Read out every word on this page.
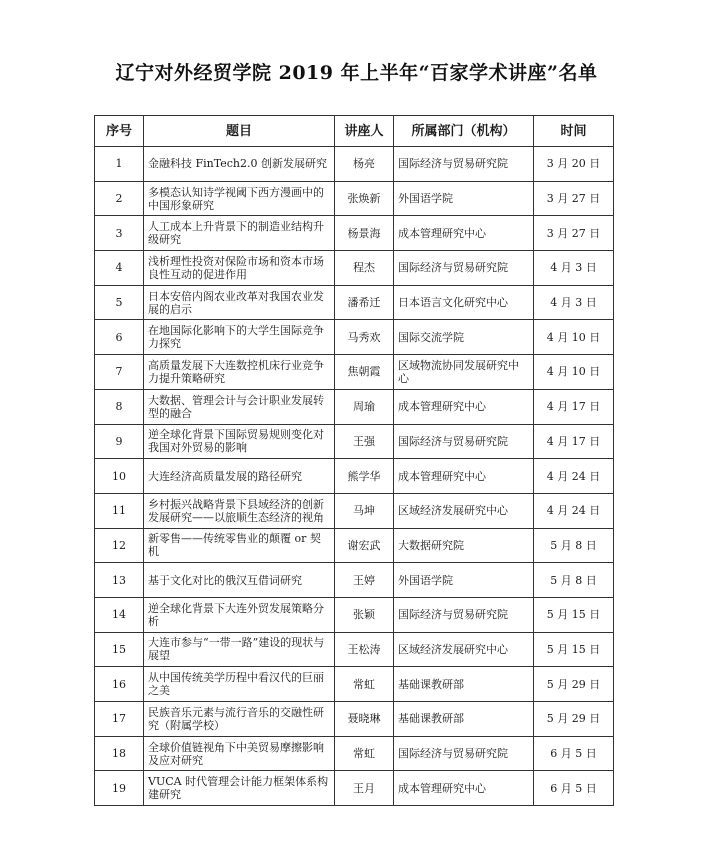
辽宁对外经贸学院 2019 年上半年“百家学术讲座”名单
序号	题目	讲座人	所属部门（机构）	时间
1	金融科技 FinTech2.0 创新发展研究	杨亮	国际经济与贸易研究院	3 月 20 日
2	多模态认知诗学视阈下西方漫画中的中国形象研究	张焕新	外国语学院	3 月 27 日
3	人工成本上升背景下的制造业结构升级研究	杨景海	成本管理研究中心	3 月 27 日
4	浅析理性投资对保险市场和资本市场良性互动的促进作用	程杰	国际经济与贸易研究院	4 月 3 日
5	日本安倍内阁农业改革对我国农业发展的启示	潘希迁	日本语言文化研究中心	4 月 3 日
6	在地国际化影响下的大学生国际竞争力探究	马秀欢	国际交流学院	4 月 10 日
7	高质量发展下大连数控机床行业竞争力提升策略研究	焦朝霞	区域物流协同发展研究中心	4 月 10 日
8	大数据、管理会计与会计职业发展转型的融合	周瑜	成本管理研究中心	4 月 17 日
9	逆全球化背景下国际贸易规则变化对我国对外贸易的影响	王强	国际经济与贸易研究院	4 月 17 日
10	大连经济高质量发展的路径研究	熊学华	成本管理研究中心	4 月 24 日
11	乡村振兴战略背景下县域经济的创新发展研究——以旅顺生态经济的视角	马坤	区域经济发展研究中心	4 月 24 日
12	新零售——传统零售业的颠覆 or 契机	谢宏武	大数据研究院	5 月 8 日
13	基于文化对比的俄汉互借词研究	王婷	外国语学院	5 月 8 日
14	逆全球化背景下大连外贸发展策略分析	张颖	国际经济与贸易研究院	5 月 15 日
15	大连市参与“一带一路”建设的现状与展望	王松涛	区域经济发展研究中心	5 月 15 日
16	从中国传统美学历程中看汉代的巨丽之美	常虹	基础课教研部	5 月 29 日
17	民族音乐元素与流行音乐的交融性研究（附属学校）	聂晓琳	基础课教研部	5 月 29 日
18	全球价值链视角下中美贸易摩擦影响及应对研究	常虹	国际经济与贸易研究院	6 月 5 日
19	VUCA 时代管理会计能力框架体系构建研究	王月	成本管理研究中心	6 月 5 日
